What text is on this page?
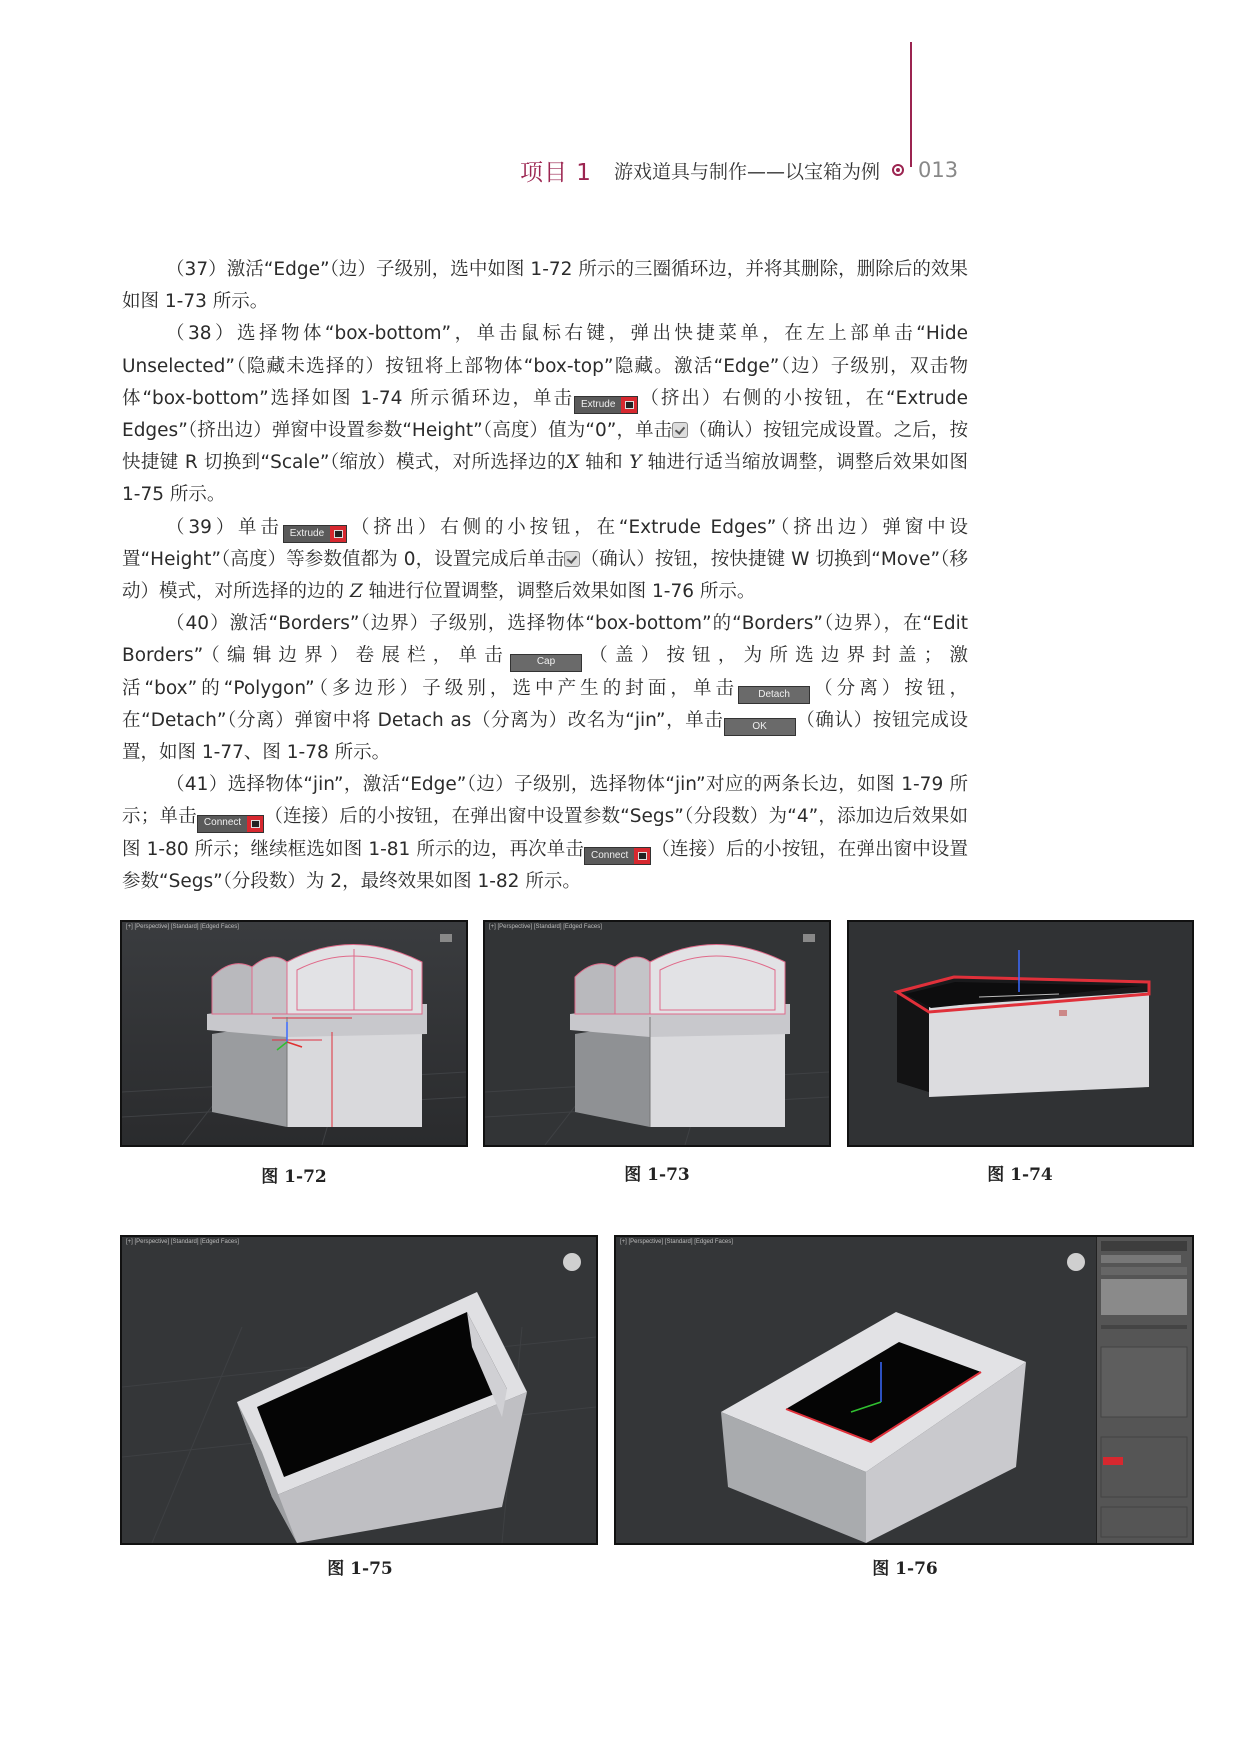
项目 1 游戏道具与制作——以宝箱为例 013

（37）激活“Edge”（边）子级别，选中如图 1-72 所示的三圈循环边，并将其删除，删除后的效果如图 1-73 所示。

（38）选择物体“box-bottom”，单击鼠标右键，弹出快捷菜单，在左上部单击“Hide Unselected”（隐藏未选择的）按钮将上部物体“box-top”隐藏。激活“Edge”（边）子级别，双击物体“box-bottom”选择如图 1-74 所示循环边，单击 Extrude	（挤出）右侧的小按钮，在“Extrude Edges”（挤出边）弹窗中设置参数“Height”（高度）值为“0”，单击 （确认）按钮完成设置。之后，按快捷键 R 切换到“Scale”（缩放）模式，对所选择边的X 轴和 Y 轴进行适当缩放调整，调整后效果如图 1-75 所示。

（39）单击 Extrude	（挤出）右侧的小按钮，在“Extrude Edges”（挤出边）弹窗中设置“Height”（高度）等参数值都为 0，设置完成后单击 （确认）按钮，按快捷键 W 切换到“Move”（移动）模式，对所选择的边的 Z 轴进行位置调整，调整后效果如图 1-76 所示。

（40）激活“Borders”（边界）子级别，选择物体“box-bottom”的“Borders”（边界），在“Edit Borders”（编辑边界）卷展栏，单击	Cap	（盖）按钮，为所选边界封盖；激活“box”的“Polygon”（多边形）子级别，选中产生的封面，单击	Detach	（分离）按钮，在“Detach”（分离）弹窗中将 Detach as（分离为）改名为“jin”，单击	OK	（确认）按钮完成设置，如图 1-77、图 1-78 所示。

（41）选择物体“jin”，激活“Edge”（边）子级别，选择物体“jin”对应的两条长边，如图 1-79 所示；单击 Connect	（连接）后的小按钮，在弹出窗中设置参数“Segs”（分段数）为“4”，添加边后效果如图 1-80 所示；继续框选如图 1-81 所示的边，再次单击 Connect	（连接）后的小按钮，在弹出窗中设置参数“Segs”（分段数）为 2，最终效果如图 1-82 所示。

[+] [Perspective] [Standard] [Edged Faces]
图 1-72
[+] [Perspective] [Standard] [Edged Faces]
图 1-73	图 1-74
[+] [Perspective] [Standard] [Edged Faces]
图 1-75
[+] [Perspective] [Standard] [Edged Faces]
图 1-76
